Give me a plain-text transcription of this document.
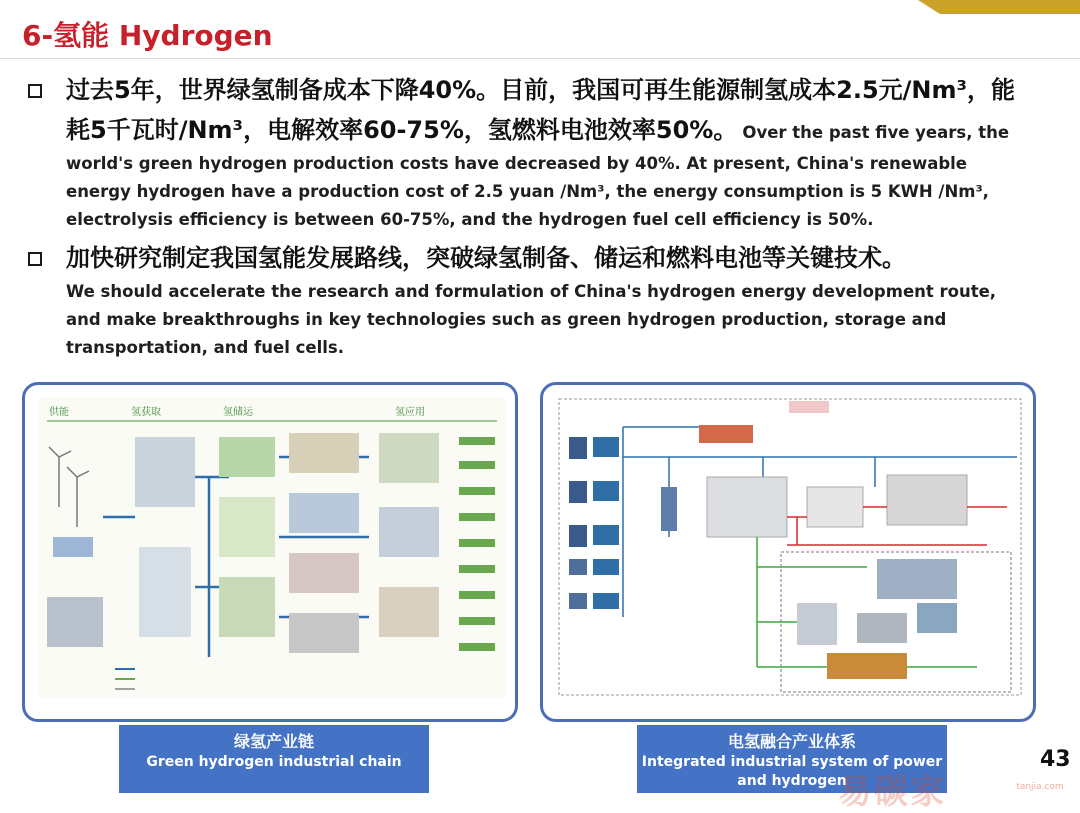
6-氢能 Hydrogen
过去5年，世界绿氢制备成本下降40%。目前，我国可再生能源制氢成本2.5元/Nm³，能耗5千瓦时/Nm³，电解效率60-75%，氢燃料电池效率50%。 Over the past five years, the world's green hydrogen production costs have decreased by 40%. At present, China's renewable energy hydrogen have a production cost of 2.5 yuan /Nm³, the energy consumption is 5 KWH /Nm³, electrolysis efficiency is between 60-75%, and the hydrogen fuel cell efficiency is 50%.
加快研究制定我国氢能发展路线，突破绿氢制备、储运和燃料电池等关键技术。
We should accelerate the research and formulation of China's hydrogen energy development route, and make breakthroughs in key technologies such as green hydrogen production, storage and transportation, and fuel cells.
供能	氢获取	氢储运	氢应用
绿氢产业链
Green hydrogen industrial chain
电氢融合产业体系
Integrated industrial system of power and hydrogen
43
易碳家	tanjia.com
